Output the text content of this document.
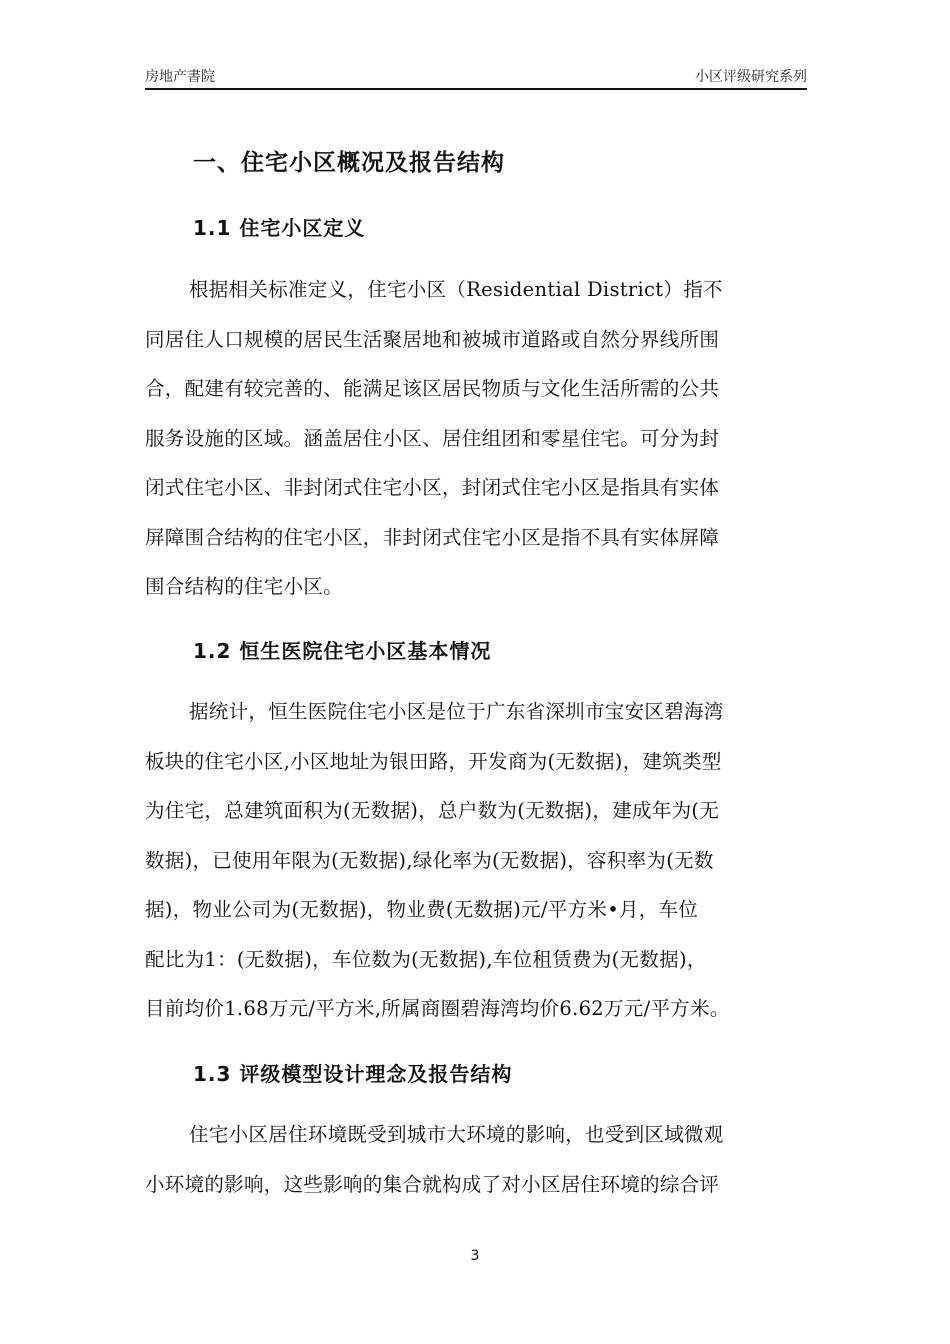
房地产書院	小区评级研究系列
一、住宅小区概况及报告结构
1.1 住宅小区定义
根据相关标准定义，住宅小区（Residential District）指不
同居住人口规模的居民生活聚居地和被城市道路或自然分界线所围
合，配建有较完善的、能满足该区居民物质与文化生活所需的公共
服务设施的区域。涵盖居住小区、居住组团和零星住宅。可分为封
闭式住宅小区、非封闭式住宅小区，封闭式住宅小区是指具有实体
屏障围合结构的住宅小区，非封闭式住宅小区是指不具有实体屏障
围合结构的住宅小区。
1.2 恒生医院住宅小区基本情况
据统计，恒生医院住宅小区是位于广东省深圳市宝安区碧海湾
板块的住宅小区,小区地址为银田路，开发商为(无数据)，建筑类型
为住宅，总建筑面积为(无数据)，总户数为(无数据)，建成年为(无
数据)，已使用年限为(无数据),绿化率为(无数据)，容积率为(无数
据)，物业公司为(无数据)，物业费(无数据)元/平方米•月，车位
配比为1：(无数据)，车位数为(无数据),车位租赁费为(无数据)，
目前均价1.68万元/平方米,所属商圈碧海湾均价6.62万元/平方米。
1.3 评级模型设计理念及报告结构
住宅小区居住环境既受到城市大环境的影响，也受到区域微观
小环境的影响，这些影响的集合就构成了对小区居住环境的综合评
3
